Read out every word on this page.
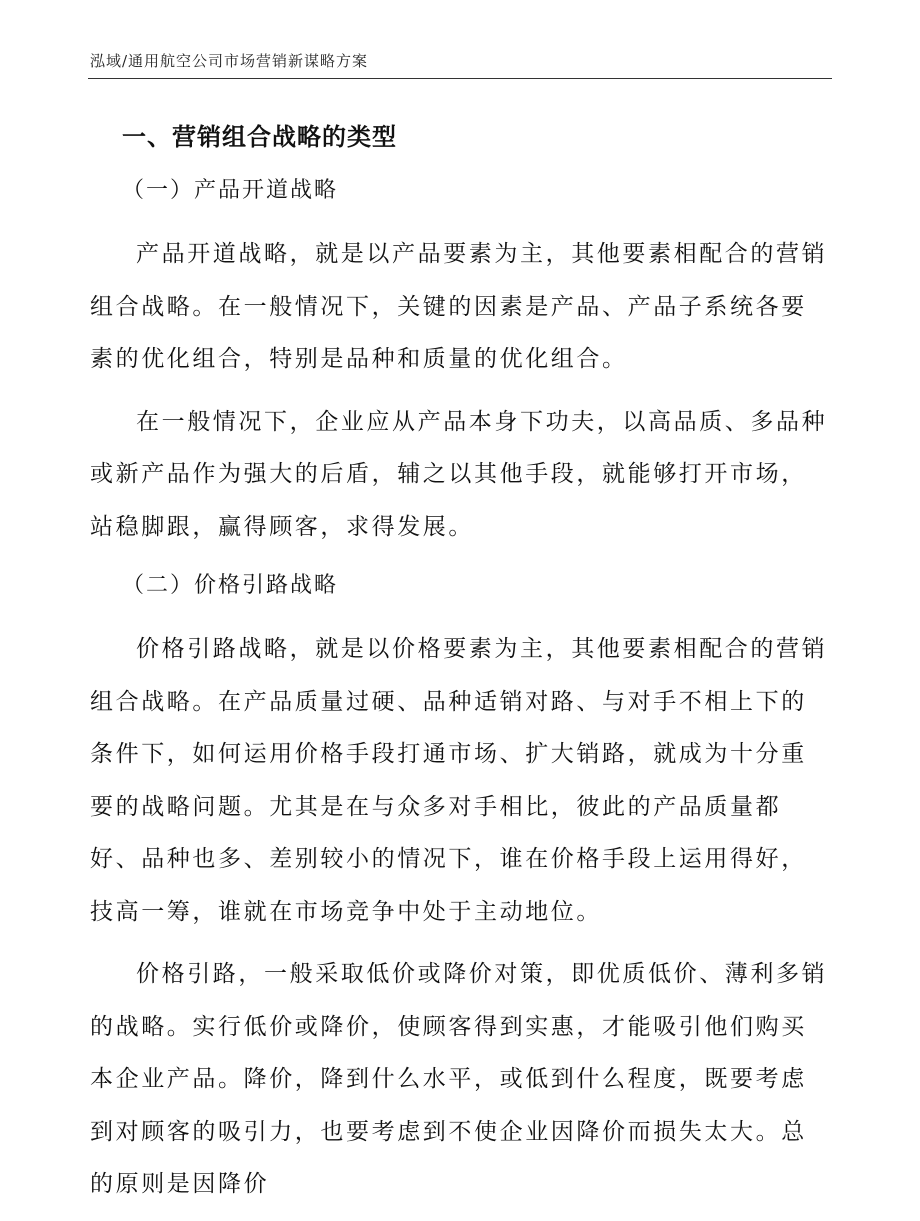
泓域/通用航空公司市场营销新谋略方案
一、营销组合战略的类型
（一）产品开道战略
产品开道战略，就是以产品要素为主，其他要素相配合的营销组合战略。在一般情况下，关键的因素是产品、产品子系统各要素的优化组合，特别是品种和质量的优化组合。
在一般情况下，企业应从产品本身下功夫，以高品质、多品种或新产品作为强大的后盾，辅之以其他手段，就能够打开市场，站稳脚跟，赢得顾客，求得发展。
（二）价格引路战略
价格引路战略，就是以价格要素为主，其他要素相配合的营销组合战略。在产品质量过硬、品种适销对路、与对手不相上下的条件下，如何运用价格手段打通市场、扩大销路，就成为十分重要的战略问题。尤其是在与众多对手相比，彼此的产品质量都好、品种也多、差别较小的情况下，谁在价格手段上运用得好，技高一筹，谁就在市场竞争中处于主动地位。
价格引路，一般采取低价或降价对策，即优质低价、薄利多销的战略。实行低价或降价，使顾客得到实惠，才能吸引他们购买本企业产品。降价，降到什么水平，或低到什么程度，既要考虑到对顾客的吸引力，也要考虑到不使企业因降价而损失太大。总的原则是因降价
